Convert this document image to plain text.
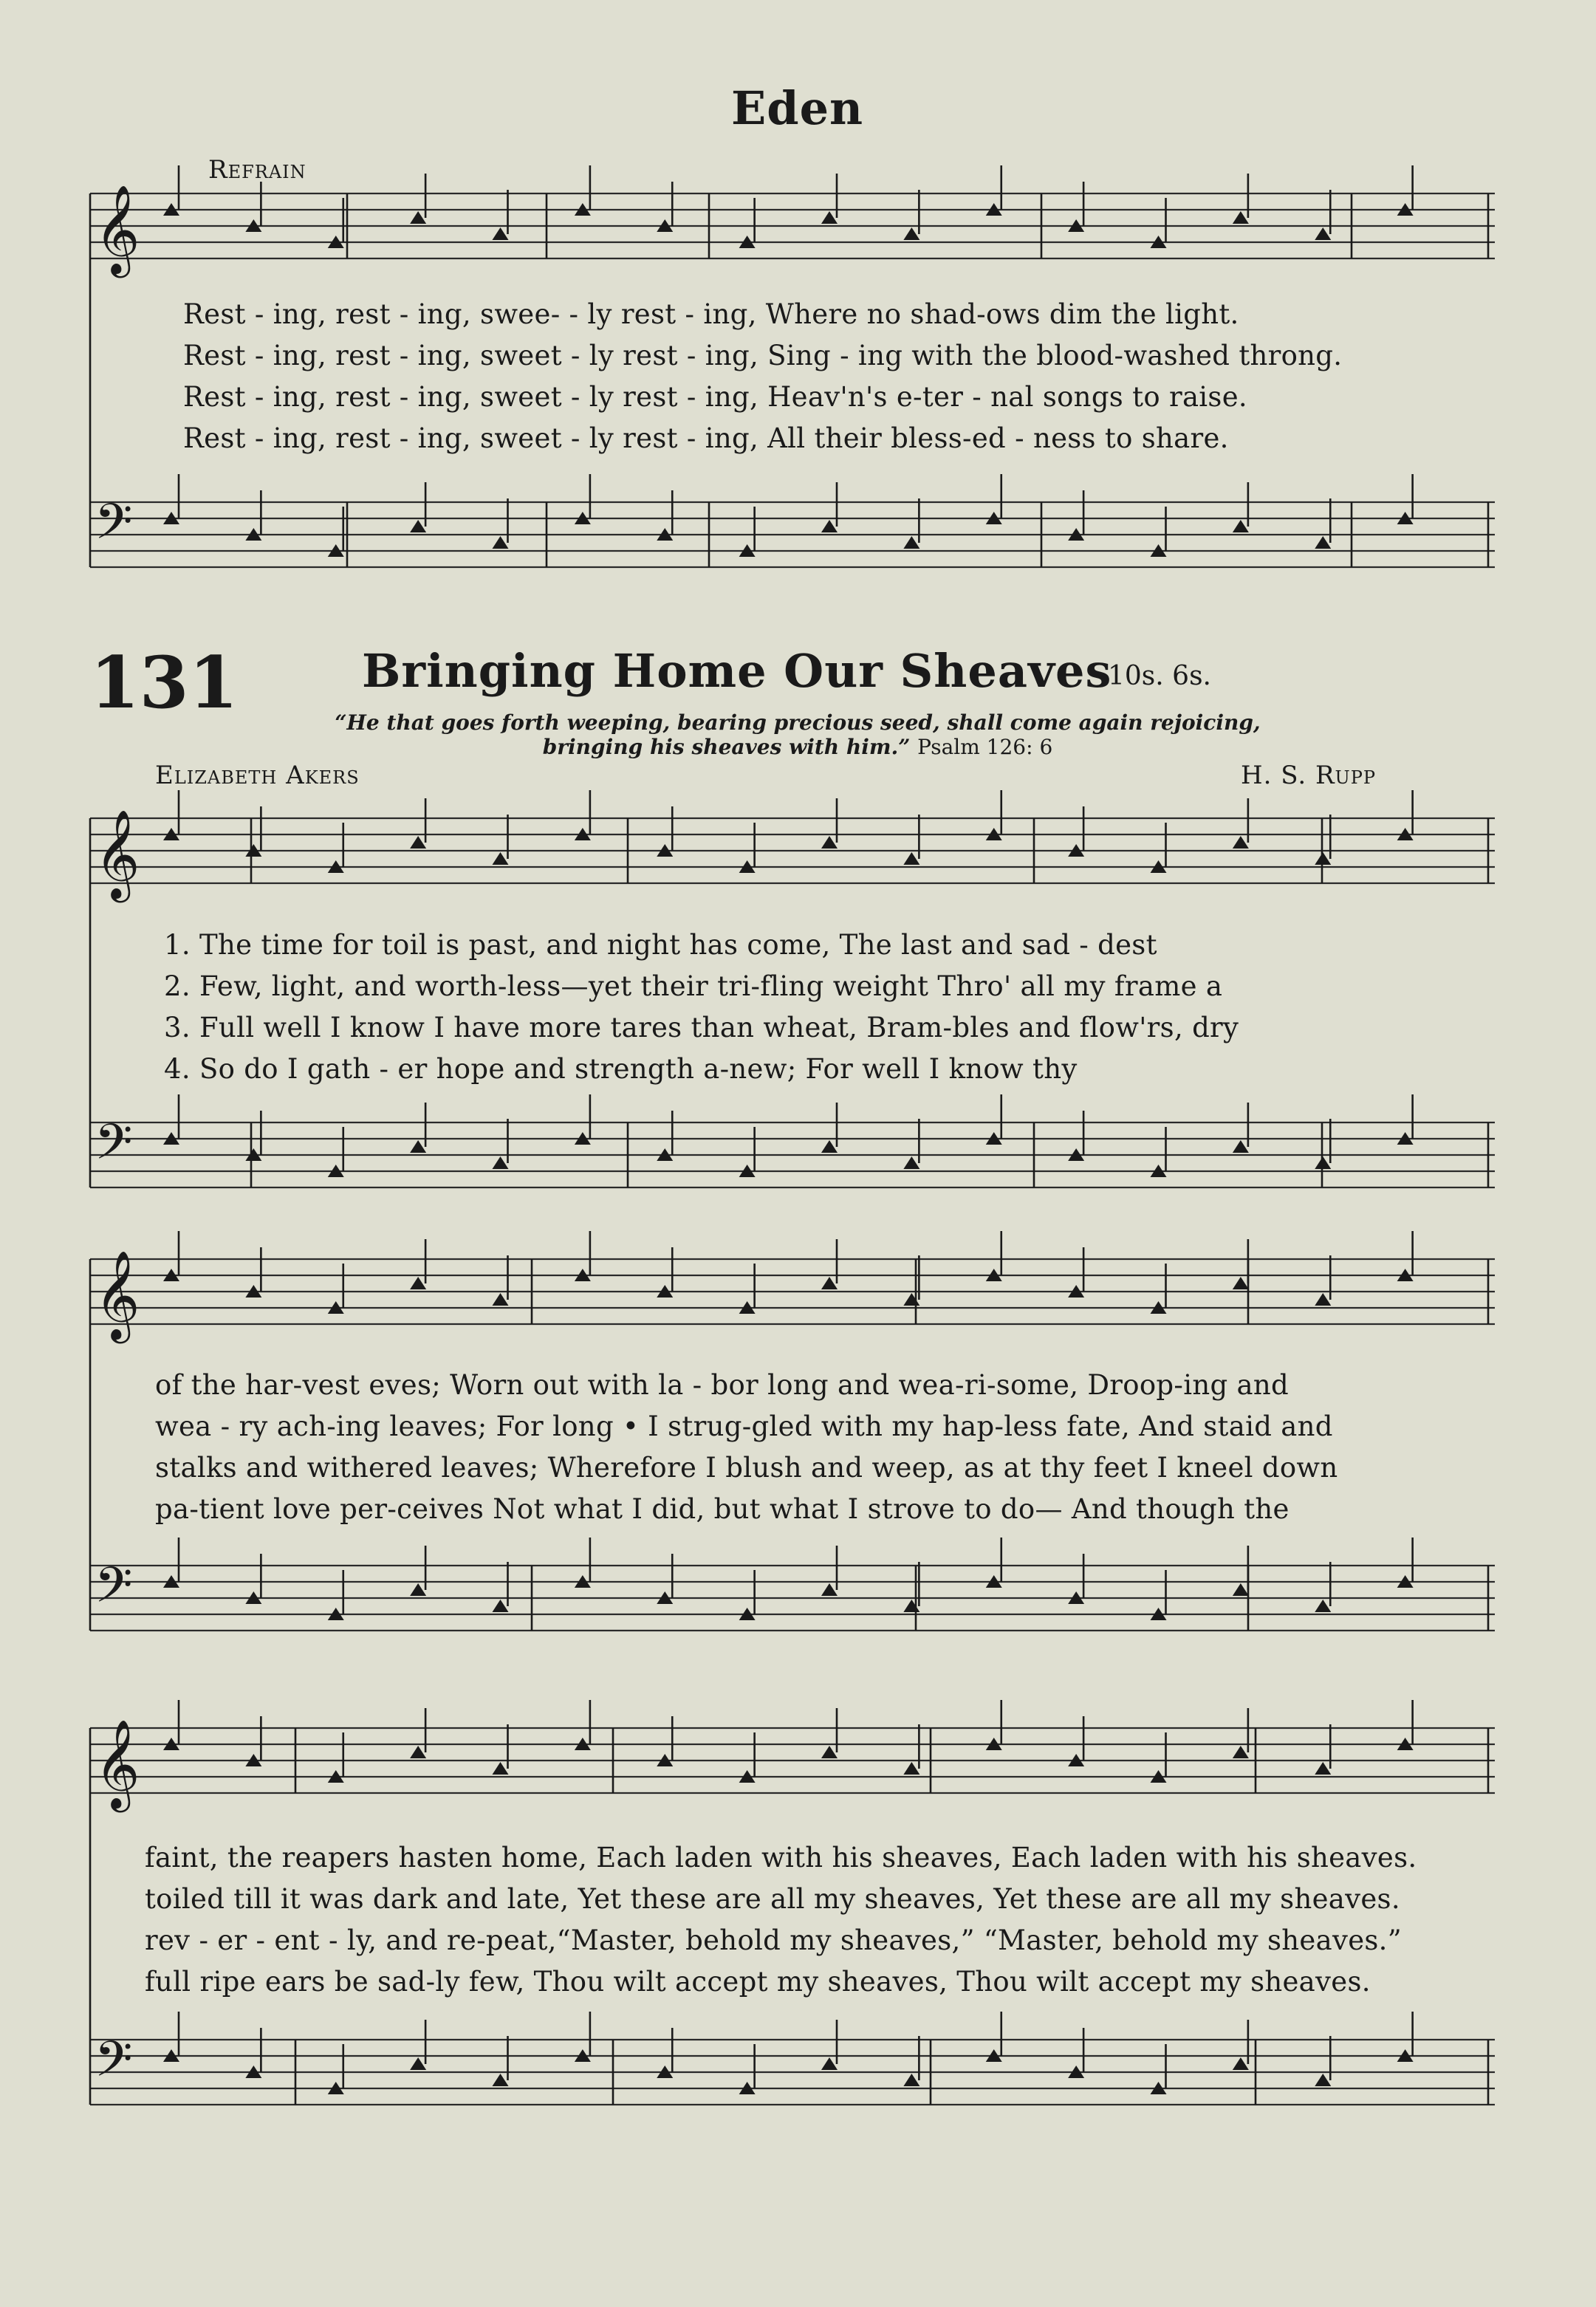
𝄞
𝄢
𝄞
𝄢
𝄞
𝄢
𝄞
𝄢
Eden
Refrain
Rest - ing, rest - ing, swee‐ - ly rest - ing, Where no shad-ows dim the light.
Rest - ing, rest - ing, sweet - ly rest - ing, Sing - ing with the blood-washed throng.
Rest - ing, rest - ing, sweet - ly rest - ing, Heav'n's e-ter - nal songs to raise.
Rest - ing, rest - ing, sweet - ly rest - ing, All their bless-ed - ness to share.
131	Bringing Home Our Sheaves
10s. 6s.
“He that goes forth weeping, bearing precious seed, shall come again rejoicing, bringing his sheaves with him.” Psalm 126: 6
Elizabeth Akers	H. S. Rupp
1. The time for toil is past, and night has come, The last and sad - dest
2. Few, light, and worth-less—yet their tri-fling weight Thro' all my frame a
3. Full well I know I have more tares than wheat, Bram-bles and flow'rs, dry
4. So do I gath - er hope and strength a-new; For well I know thy
of the har-vest eves; Worn out with la - bor long and wea-ri-some, Droop-ing and
wea - ry ach-ing leaves; For long • I strug-gled with my hap-less fate, And staid and
stalks and withered leaves; Wherefore I blush and weep, as at thy feet I kneel down
pa-tient love per-ceives Not what I did, but what I strove to do— And though the
faint, the reapers hasten home, Each laden with his sheaves, Each laden with his sheaves.
toiled till it was dark and late, Yet these are all my sheaves, Yet these are all my sheaves.
rev - er - ent - ly, and re-peat,“Master, behold my sheaves,” “Master, behold my sheaves.”
full ripe ears be sad-ly few, Thou wilt accept my sheaves, Thou wilt accept my sheaves.
